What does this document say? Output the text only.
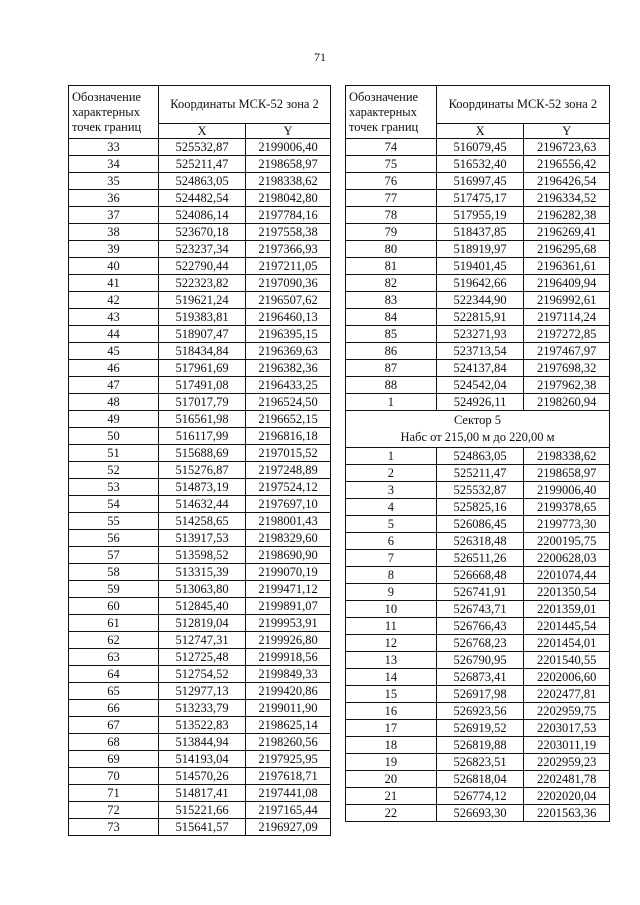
71
Обозначение характерных точек границ	Координаты МСК-52 зона 2	
	X	Y
33	525532,87	2199006,40
34	525211,47	2198658,97
35	524863,05	2198338,62
36	524482,54	2198042,80
37	524086,14	2197784,16
38	523670,18	2197558,38
39	523237,34	2197366,93
40	522790,44	2197211,05
41	522323,82	2197090,36
42	519621,24	2196507,62
43	519383,81	2196460,13
44	518907,47	2196395,15
45	518434,84	2196369,63
46	517961,69	2196382,36
47	517491,08	2196433,25
48	517017,79	2196524,50
49	516561,98	2196652,15
50	516117,99	2196816,18
51	515688,69	2197015,52
52	515276,87	2197248,89
53	514873,19	2197524,12
54	514632,44	2197697,10
55	514258,65	2198001,43
56	513917,53	2198329,60
57	513598,52	2198690,90
58	513315,39	2199070,19
59	513063,80	2199471,12
60	512845,40	2199891,07
61	512819,04	2199953,91
62	512747,31	2199926,80
63	512725,48	2199918,56
64	512754,52	2199849,33
65	512977,13	2199420,86
66	513233,79	2199011,90
67	513522,83	2198625,14
68	513844,94	2198260,56
69	514193,04	2197925,95
70	514570,26	2197618,71
71	514817,41	2197441,08
72	515221,66	2197165,44
73	515641,57	2196927,09
Обозначение характерных точек границ	Координаты МСК-52 зона 2	
	X	Y
74	516079,45	2196723,63
75	516532,40	2196556,42
76	516997,45	2196426,54
77	517475,17	2196334,52
78	517955,19	2196282,38
79	518437,85	2196269,41
80	518919,97	2196295,68
81	519401,45	2196361,61
82	519642,66	2196409,94
83	522344,90	2196992,61
84	522815,91	2197114,24
85	523271,93	2197272,85
86	523713,54	2197467,97
87	524137,84	2197698,32
88	524542,04	2197962,38
1	524926,11	2198260,94

Сектор 5
Набс от 215,00 м до 220,00 м		

1	524863,05	2198338,62
2	525211,47	2198658,97
3	525532,87	2199006,40
4	525825,16	2199378,65
5	526086,45	2199773,30
6	526318,48	2200195,75
7	526511,26	2200628,03
8	526668,48	2201074,44
9	526741,91	2201350,54
10	526743,71	2201359,01
11	526766,43	2201445,54
12	526768,23	2201454,01
13	526790,95	2201540,55
14	526873,41	2202006,60
15	526917,98	2202477,81
16	526923,56	2202959,75
17	526919,52	2203017,53
18	526819,88	2203011,19
19	526823,51	2202959,23
20	526818,04	2202481,78
21	526774,12	2202020,04
22	526693,30	2201563,36
